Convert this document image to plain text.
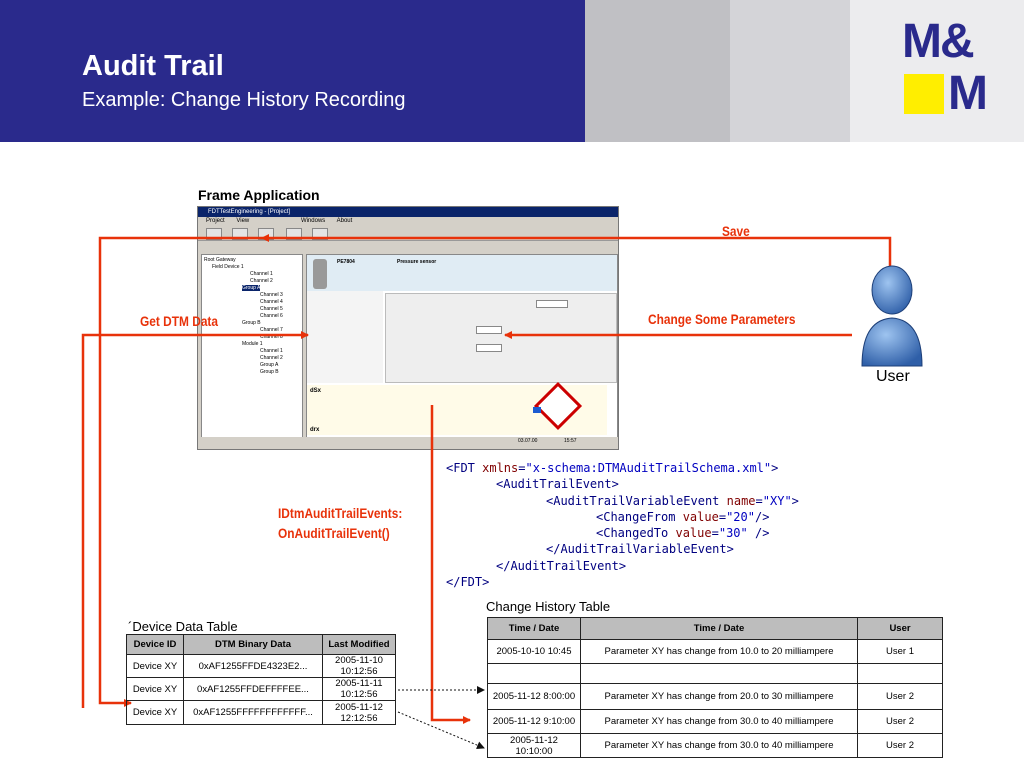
Audit Trail
Example: Change History Recording
M&
M
Frame Application
FDTTestEngineering - [Project]
Project View	Windows About
Root Gateway
Field Device 1
Channel 1
Channel 2
Group A
Channel 3
Channel 4
Channel 5
Channel 6
Group B
Channel 7
Channel 8
Module 1
Channel 1
Channel 2
Group A
Group B
PE7804	Pressure sensor
dSx
drx
03.07.00	15:57
Save
Get DTM Data	Change Some Parameters
IDtmAuditTrailEvents:
OnAuditTrailEvent()
User
<FDT xmlns="x-schema:DTMAuditTrailSchema.xml">
<AuditTrailEvent>
<AuditTrailVariableEvent name="XY">
<ChangeFrom value="20"/>
<ChangedTo value="30" />
</AuditTrailVariableEvent>
</AuditTrailEvent>
</FDT>
´Device Data Table
Device ID	DTM Binary Data	Last Modified
Device XY	0xAF1255FFDE4323E2...	2005-11-10 10:12:56
Device XY	0xAF1255FFDEFFFFEE...	2005-11-11 10:12:56
Device XY	0xAF1255FFFFFFFFFFFF...	2005-11-12 12:12:56
Change History Table
Time / Date	Time / Date	User
2005-10-10 10:45	Parameter XY has change from 10.0 to 20 milliampere	User 1

2005-11-12 8:00:00	Parameter XY has change from 20.0 to 30 milliampere	User 2
2005-11-12 9:10:00	Parameter XY has change from 30.0 to 40 milliampere	User 2
2005-11-12 10:10:00	Parameter XY has change from 30.0 to 40 milliampere	User 2
